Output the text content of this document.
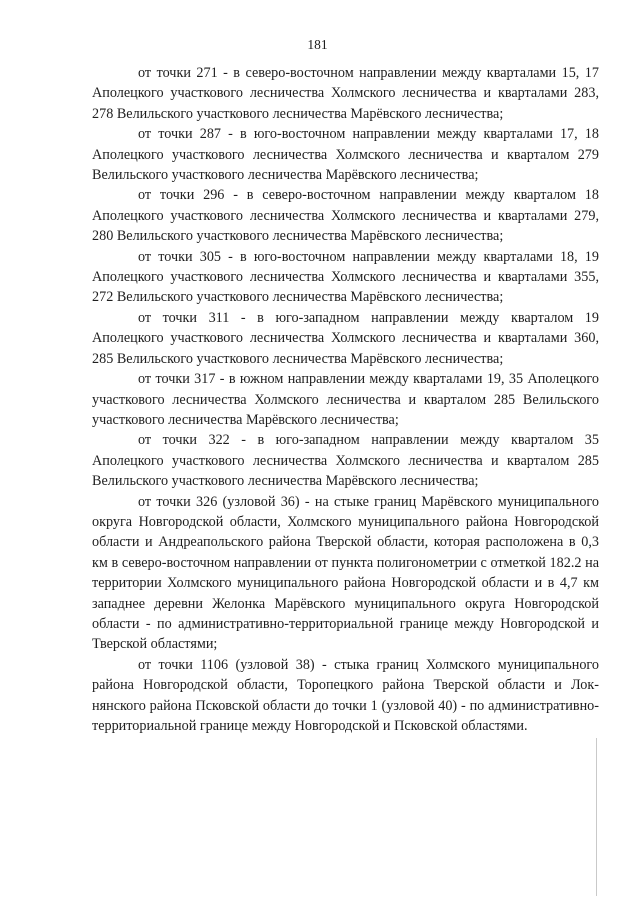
181

от точки 271 - в северо-восточном направлении между кварталами 15, 17 Аполецкого участкового лесничества Холмского лесничества и кварталами 283, 278 Велильского участкового лесничества Марёвского лесничества;

от точки 287 - в юго-восточном направлении между кварталами 17, 18 Аполецкого участкового лесничества Холмского лесничества и кварталом 279 Велильского участкового лесничества Марёвского лесничества;

от точки 296 - в северо-восточном направлении между кварталом 18 Аполецкого участкового лесничества Холмского лесничества и кварталами 279, 280 Велильского участкового лесничества Марёвского лесничества;

от точки 305 - в юго-восточном направлении между кварталами 18, 19 Аполецкого участкового лесничества Холмского лесничества и кварталами 355, 272 Велильского участкового лесничества Марёвского лесничества;

от точки 311 - в юго-западном направлении между кварталом 19 Аполецкого участкового лесничества Холмского лесничества и кварталами 360, 285 Велильского участкового лесничества Марёвского лесничества;

от точки 317 - в южном направлении между кварталами 19, 35 Аполецкого участкового лесничества Холмского лесничества и кварталом 285 Велильского участкового лесничества Марёвского лесничества;

от точки 322 - в юго-западном направлении между кварталом 35 Аполецкого участкового лесничества Холмского лесничества и кварталом 285 Велильского участкового лесничества Марёвского лесничества;

от точки 326 (узловой 36) - на стыке границ Марёвского муниципального округа Новгородской области, Холмского муниципального района Новгородской области и Андреапольского района Тверской области, которая расположена в 0,3 км в северо-восточном направлении от пункта полигонометрии с отметкой 182.2 на территории Холмского муниципального района Новгородской области и в 4,7 км западнее деревни Желонка Марёвского муниципального округа Новгородской области - по административно-территориальной границе между Новгородской и Тверской областями;

от точки 1106 (узловой 38) - стыка границ Холмского муниципального района Новгородской области, Торопецкого района Тверской области и Локнянского района Псковской области до точки 1 (узловой 40) - по административно-территориальной границе между Новгородской и Псковской областями.
